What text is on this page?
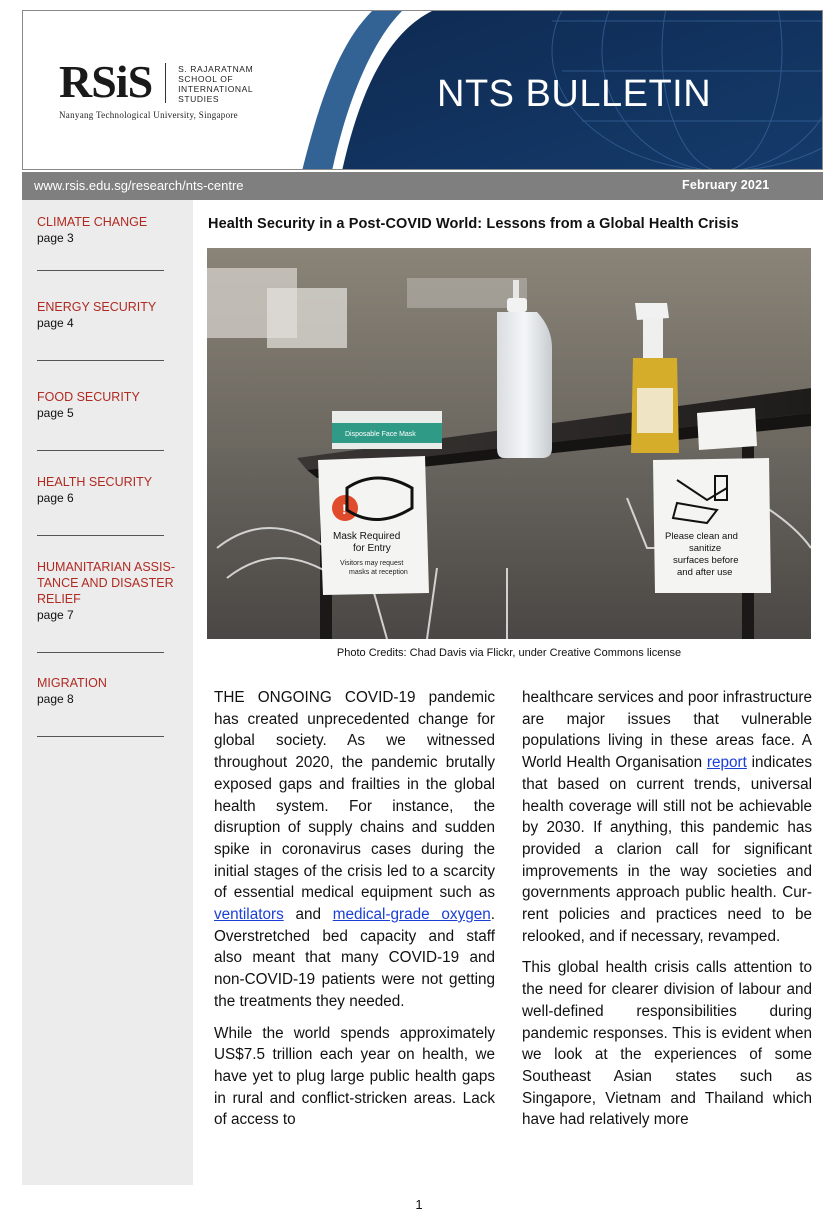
RSiS	S. RAJARATNAM
SCHOOL OF
INTERNATIONAL
STUDIES
Nanyang Technological University, Singapore	NTS BULLETIN
www.rsis.edu.sg/research/nts-centre	February 2021
CLIMATE CHANGE
page 3
ENERGY SECURITY
page 4
FOOD SECURITY
page 5
HEALTH SECURITY
page 6
HUMANITARIAN ASSIS-
TANCE AND DISASTER
RELIEF
page 7
MIGRATION
page 8
Health Security in a Post-COVID World: Lessons from a Global Health Crisis
Disposable Face Mask
50
!
Mask Required
for Entry
Visitors may request
masks at reception
Please clean and
sanitize
surfaces before
and after use
Photo Credits: Chad Davis via Flickr, under Creative Commons license

THE ONGOING COVID-19 pandemic has created unprecedented change for global society. As we witnessed throughout 2020, the pandemic brutally exposed gaps and frailties in the global health system. For instance, the disruption of supply chains and sudden spike in coronavirus cases during the initial stages of the crisis led to a scarcity of essential medical equipment such as ventilators and medical-grade oxygen. Overstretched bed capacity and staff also meant that many COVID-19 and non-COVID-19 patients were not getting the treatments they needed.

While the world spends approximately US$7.5 trillion each year on health, we have yet to plug large public health gaps in rural and conflict-stricken areas. Lack of access to

healthcare services and poor infrastructure are major issues that vulnerable populations living in these areas face. A World Health Organisation report indicates that based on current trends, universal health coverage will still not be achievable by 2030. If anything, this pandemic has provided a clarion call for significant improvements in the way societies and governments approach public health. Current policies and practices need to be relooked, and if necessary, revamped.

This global health crisis calls attention to the need for clearer division of labour and well-defined responsibilities during pandemic responses. This is evident when we look at the experiences of some Southeast Asian states such as Singapore, Vietnam and Thailand which have had relatively more

1
